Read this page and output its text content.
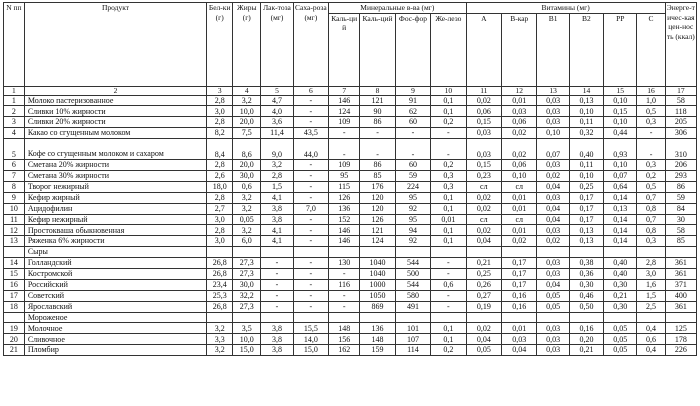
N пп	Продукт	Бел-ки (г)	Жиры (г)	Лак-тоза (мг)	Саха-роза (мг)	Минеральные в-ва (мг)				Витамины (мг)						Энерге-тичес-кая цен-ность (ккал)
						Каль-ций	Каль-ций	Фос-фор	Же-лезо	A	B-кар	B1	B2	PP	C	
1	2	3	4	5	6	7	8	9	10	11	12	13	14	15	16	17
1	Молоко пастеризованное	2,8	3,2	4,7	-	146	121	91	0,1	0,02	0,01	0,03	0,13	0,10	1,0	58
2	Сливки 10% жирности	3,0	10,0	4,0	-	124	90	62	0,1	0,06	0,03	0,03	0,10	0,15	0,5	118
3	Сливки 20% жирности	2,8	20,0	3,6	-	109	86	60	0,2	0,15	0,06	0,03	0,11	0,10	0,3	205
4	Какао со сгущенным молоком	8,2	7,5	11,4	43,5	-	-	-	-	0,03	0,02	0,10	0,32	0,44	-	306
5	Кофе со сгущенным молоком и сахаром	8,4	8,6	9,0	44,0	-	-	-	-	0,03	0,02	0,07	0,40	0,93	-	310
6	Сметана 20% жирности	2,8	20,0	3,2	-	109	86	60	0,2	0,15	0,06	0,03	0,11	0,10	0,3	206
7	Сметана 30% жирности	2,6	30,0	2,8	-	95	85	59	0,3	0,23	0,10	0,02	0,10	0,07	0,2	293
8	Творог нежирный	18,0	0,6	1,5	-	115	176	224	0,3	сл	сл	0,04	0,25	0,64	0,5	86
9	Кефир жирный	2,8	3,2	4,1	-	126	120	95	0,1	0,02	0,01	0,03	0,17	0,14	0,7	59
10	Ацидофилин	2,7	3,2	3,8	7,0	136	120	92	0,1	0,02	0,01	0,04	0,17	0,13	0,8	84
11	Кефир нежирный	3,0	0,05	3,8	-	152	126	95	0,01	сл	сл	0,04	0,17	0,14	0,7	30
12	Простокваша обыкновенная	2,8	3,2	4,1	-	146	121	94	0,1	0,02	0,01	0,03	0,13	0,14	0,8	58
13	Ряженка 6% жирности	3,0	6,0	4,1	-	146	124	92	0,1	0,04	0,02	0,02	0,13	0,14	0,3	85
	Сыры															
14	Голландский	26,8	27,3	-	-	130	1040	544	-	0,21	0,17	0,03	0,38	0,40	2,8	361
15	Костромской	26,8	27,3	-	-	-	1040	500	-	0,25	0,17	0,03	0,36	0,40	3,0	361
16	Российский	23,4	30,0	-	-	116	1000	544	0,6	0,26	0,17	0,04	0,30	0,30	1,6	371
17	Советский	25,3	32,2	-	-	-	1050	580	-	0,27	0,16	0,05	0,46	0,21	1,5	400
18	Ярославский	26,8	27,3	-	-	-	869	491	-	0,19	0,16	0,05	0,50	0,30	2,5	361
	Мороженое															
19	Молочное	3,2	3,5	3,8	15,5	148	136	101	0,1	0,02	0,01	0,03	0,16	0,05	0,4	125
20	Сливочное	3,3	10,0	3,8	14,0	156	148	107	0,1	0,04	0,03	0,03	0,20	0,05	0,6	178
21	Пломбир	3,2	15,0	3,8	15,0	162	159	114	0,2	0,05	0,04	0,03	0,21	0,05	0,4	226
